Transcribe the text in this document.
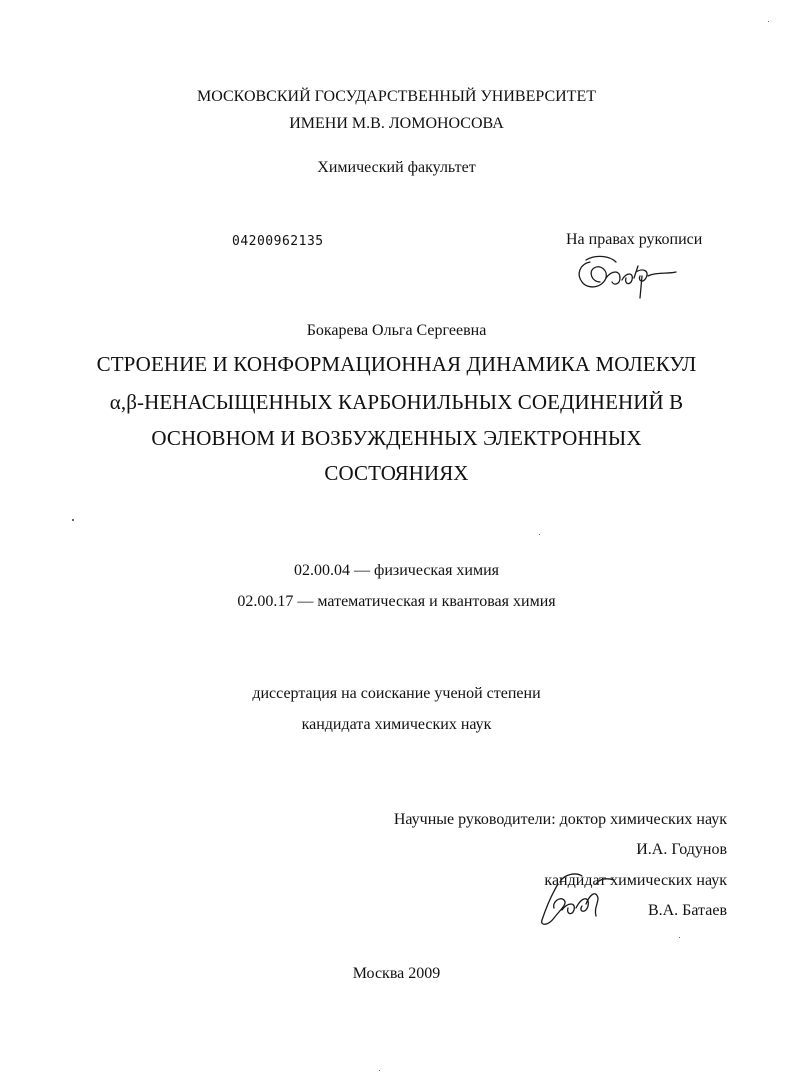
МОСКОВСКИЙ ГОСУДАРСТВЕННЫЙ УНИВЕРСИТЕТ
ИМЕНИ М.В. ЛОМОНОСОВА
Химический факультет
04200962135	На правах рукописи
Бокарева Ольга Сергеевна
СТРОЕНИЕ И КОНФОРМАЦИОННАЯ ДИНАМИКА МОЛЕКУЛ
α,β-НЕНАСЫЩЕННЫХ КАРБОНИЛЬНЫХ СОЕДИНЕНИЙ В
ОСНОВНОМ И ВОЗБУЖДЕННЫХ ЭЛЕКТРОННЫХ
СОСТОЯНИЯХ
02.00.04 — физическая химия
02.00.17 — математическая и квантовая химия
диссертация на соискание ученой степени
кандидата химических наук
Научные руководители: доктор химических наук
И.А. Годунов
кандидат химических наук
В.А. Батаев
Москва 2009
